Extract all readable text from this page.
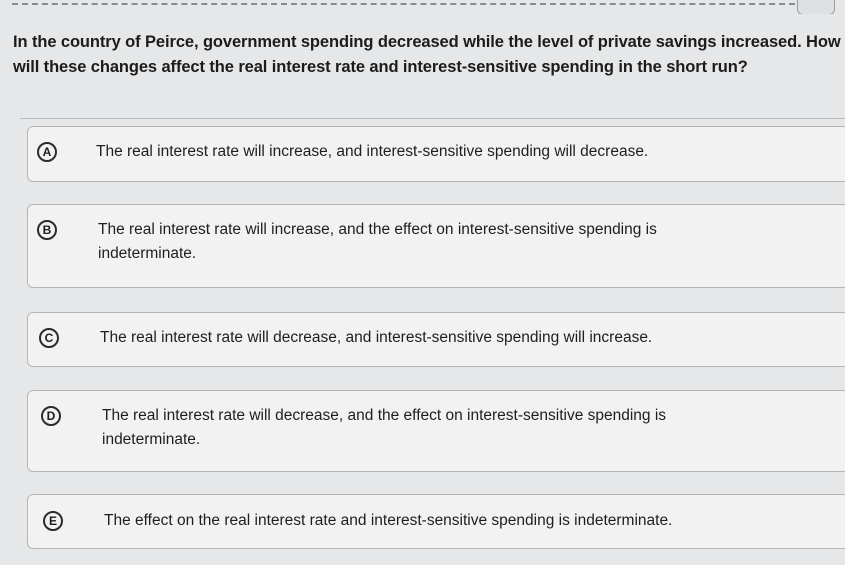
In the country of Peirce, government spending decreased while the level of private savings increased. How
will these changes affect the real interest rate and interest-sensitive spending in the short run?
A	The real interest rate will increase, and interest-sensitive spending will decrease.
B	The real interest rate will increase, and the effect on interest-sensitive spending is
indeterminate.
C	The real interest rate will decrease, and interest-sensitive spending will increase.
D	The real interest rate will decrease, and the effect on interest-sensitive spending is
indeterminate.
E	The effect on the real interest rate and interest-sensitive spending is indeterminate.
